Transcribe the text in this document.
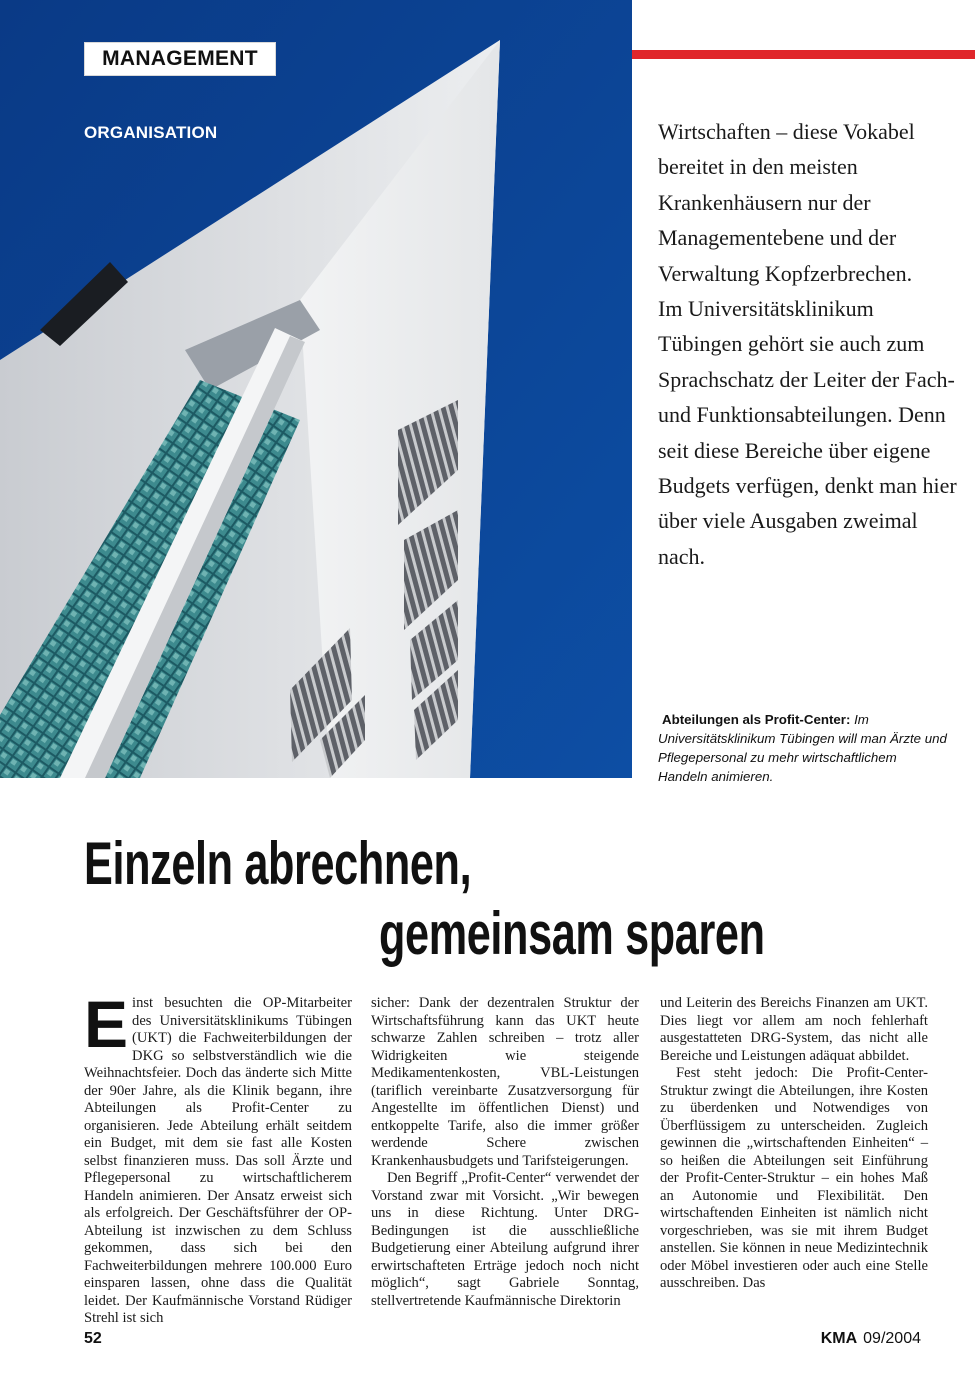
MANAGEMENT
ORGANISATION	Wirtschaften – diese Vokabel bereitet in den meisten Krankenhäusern nur der Managementebene und der Verwaltung Kopfzerbrechen.

Im Universitätsklinikum Tübingen gehört sie auch zum Sprachschatz der Leiter der Fach- und Funktionsabteilungen. Denn seit diese Bereiche über eigene Budgets verfügen, denkt man hier über viele Ausgaben zweimal nach.

Abteilungen als Profit-Center: Im Universitätsklinikum Tübingen will man Ärzte und Pflegepersonal zu mehr wirtschaftlichem Handeln animieren.
Einzeln abrechnen,
gemeinsam sparen
E inst besuchten die OP-Mitarbeiter des Universitätsklinikums Tübingen (UKT) die Fachweiterbildungen der DKG so selbstverständlich wie die Weihnachtsfeier. Doch das änderte sich Mitte der 90er Jahre, als die Klinik begann, ihre Abteilungen als Profit-Center zu organisieren. Jede Abteilung erhält seitdem ein Budget, mit dem sie fast alle Kosten selbst finanzieren muss. Das soll Ärzte und Pflegepersonal zu wirtschaftlicherem Handeln animieren. Der Ansatz erweist sich als erfolgreich. Der Geschäftsführer der OP-Abteilung ist inzwischen zu dem Schluss gekommen, dass sich bei den Fachweiterbildungen mehrere 100.000 Euro einsparen lassen, ohne dass die Qualität leidet. Der Kaufmännische Vorstand Rüdiger Strehl ist sich

sicher: Dank der dezentralen Struktur der Wirtschaftsführung kann das UKT heute schwarze Zahlen schreiben – trotz aller Widrigkeiten wie steigende Medikamentenkosten, VBL-Leistungen (tariflich vereinbarte Zusatzversorgung für Angestellte im öffentlichen Dienst) und entkoppelte Tarife, also die immer größer werdende Schere zwischen Krankenhausbudgets und Tarifsteigerungen.

Den Begriff „Profit-Center“ verwendet der Vorstand zwar mit Vorsicht. „Wir bewegen uns in diese Richtung. Unter DRG-Bedingungen ist die ausschließliche Budgetierung einer Abteilung aufgrund ihrer erwirtschafteten Erträge jedoch noch nicht möglich“, sagt Gabriele Sonntag, stellvertretende Kaufmännische Direktorin

und Leiterin des Bereichs Finanzen am UKT. Dies liegt vor allem am noch fehlerhaft ausgestatteten DRG-System, das nicht alle Bereiche und Leistungen adäquat abbildet.

Fest steht jedoch: Die Profit-Center-Struktur zwingt die Abteilungen, ihre Kosten zu überdenken und Notwendiges von Überflüssigem zu unterscheiden. Zugleich gewinnen die „wirtschaftenden Einheiten“ – so heißen die Abteilungen seit Einführung der Profit-Center-Struktur – ein hohes Maß an Autonomie und Flexibilität. Den wirtschaftenden Einheiten ist nämlich nicht vorgeschrieben, was sie mit ihrem Budget anstellen. Sie können in neue Medizintechnik oder Möbel investieren oder auch eine Stelle ausschreiben. Das

52	KMA 09/2004
